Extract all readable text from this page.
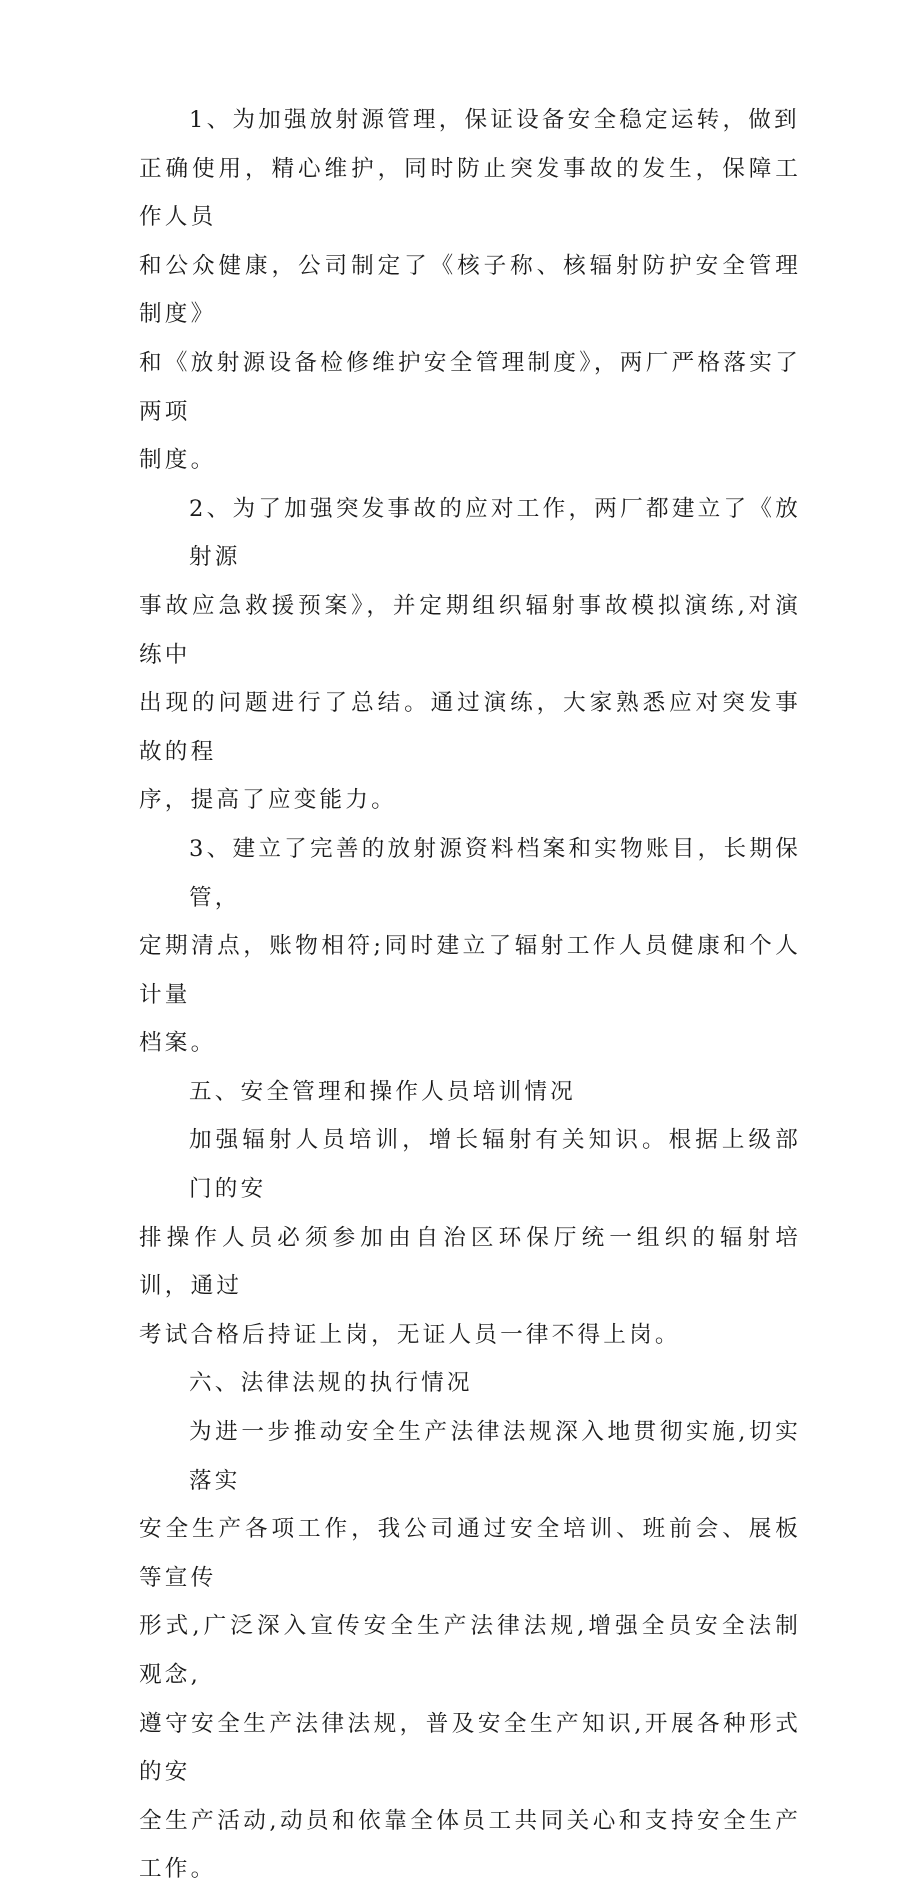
1、为加强放射源管理，保证设备安全稳定运转，做到
正确使用，精心维护，同时防止突发事故的发生，保障工作人员
和公众健康，公司制定了《核子称、核辐射防护安全管理制度》
和《放射源设备检修维护安全管理制度》，两厂严格落实了两项
制度。

2、为了加强突发事故的应对工作，两厂都建立了《放射源
事故应急救援预案》，并定期组织辐射事故模拟演练,对演练中
出现的问题进行了总结。通过演练，大家熟悉应对突发事故的程
序，提高了应变能力。

3、建立了完善的放射源资料档案和实物账目，长期保管，
定期清点，账物相符;同时建立了辐射工作人员健康和个人计量
档案。

五、安全管理和操作人员培训情况

加强辐射人员培训，增长辐射有关知识。根据上级部门的安
排操作人员必须参加由自治区环保厅统一组织的辐射培训，通过
考试合格后持证上岗，无证人员一律不得上岗。

六、法律法规的执行情况

为进一步推动安全生产法律法规深入地贯彻实施,切实落实
安全生产各项工作，我公司通过安全培训、班前会、展板等宣传
形式,广泛深入宣传安全生产法律法规,增强全员安全法制观念,
遵守安全生产法律法规，普及安全生产知识,开展各种形式的安
全生产活动,动员和依靠全体员工共同关心和支持安全生产工作。
